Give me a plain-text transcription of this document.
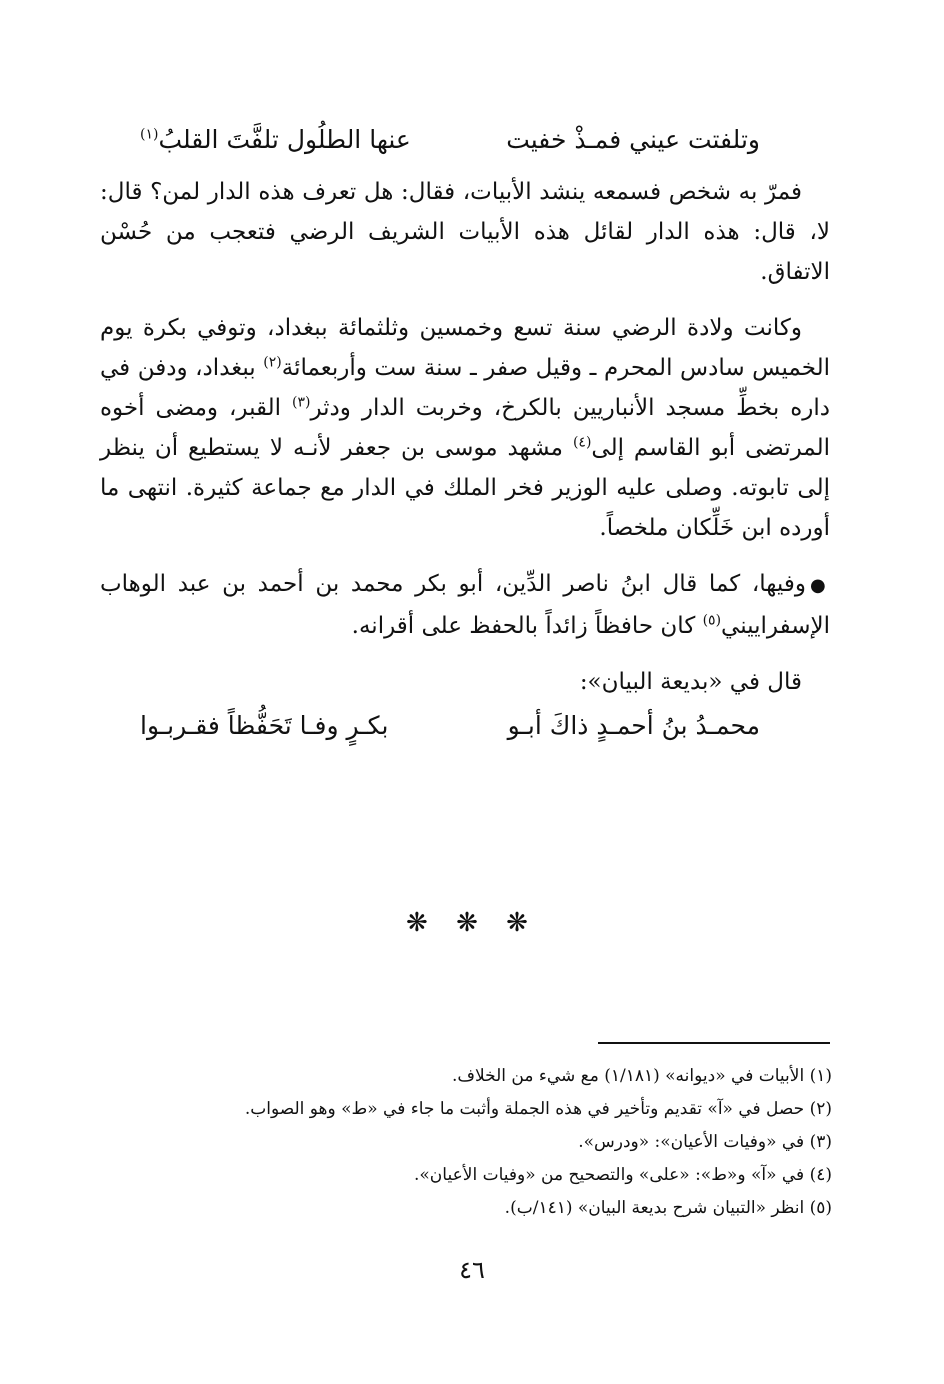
وتلفتت عيني فمـذْ خفيت
عنها الطلُول تلفَّتَ القلبُ$^{(١)}$

فمرّ به شخص فسمعه ينشد الأبيات، فقال: هل تعرف هذه الدار لمن؟ قال: لا، قال: هذه الدار لقائل هذه الأبيات الشريف الرضي فتعجب من حُسْن الاتفاق.

وكانت ولادة الرضي سنة تسع وخمسين وثلثمائة ببغداد، وتوفي بكرة يوم الخميس سادس المحرم ـ وقيل صفر ـ سنة ست وأربعمائة$^{(٢)}$ ببغداد، ودفن في داره بخطِّ مسجد الأنباريين بالكرخ، وخربت الدار ودثر$^{(٣)}$ القبر، ومضى أخوه المرتضى أبو القاسم إلى$^{(٤)}$ مشهد موسى بن جعفر لأنـه لا يستطيع أن ينظر إلى تابوته. وصلى عليه الوزير فخر الملك في الدار مع جماعة كثيرة. انتهى ما أورده ابن خَلِّكان ملخصاً.

●وفيها، كما قال ابنُ ناصر الدِّين، أبو بكر محمد بن أحمد بن عبد الوهاب الإسفراييني$^{(٥)}$ كان حافظاً زائداً بالحفظ على أقرانه.

قال في «بديعة البيان»:
محمـدُ بنُ أحمـدٍ ذاكَ أبـو
بكـرٍ وفـا تَحَفُّظاً فقـربـوا
❋ ❋ ❋
(١) الأبيات في «ديوانه» (١/١٨١) مع شيء من الخلاف.
(٢) حصل في «آ» تقديم وتأخير في هذه الجملة وأثبت ما جاء في «ط» وهو الصواب.
(٣) في «وفيات الأعيان»: «ودرس».
(٤) في «آ» و«ط»: «على» والتصحيح من «وفيات الأعيان».
(٥) انظر «التبيان شرح بديعة البيان» (١٤١/ب).
٤٦
